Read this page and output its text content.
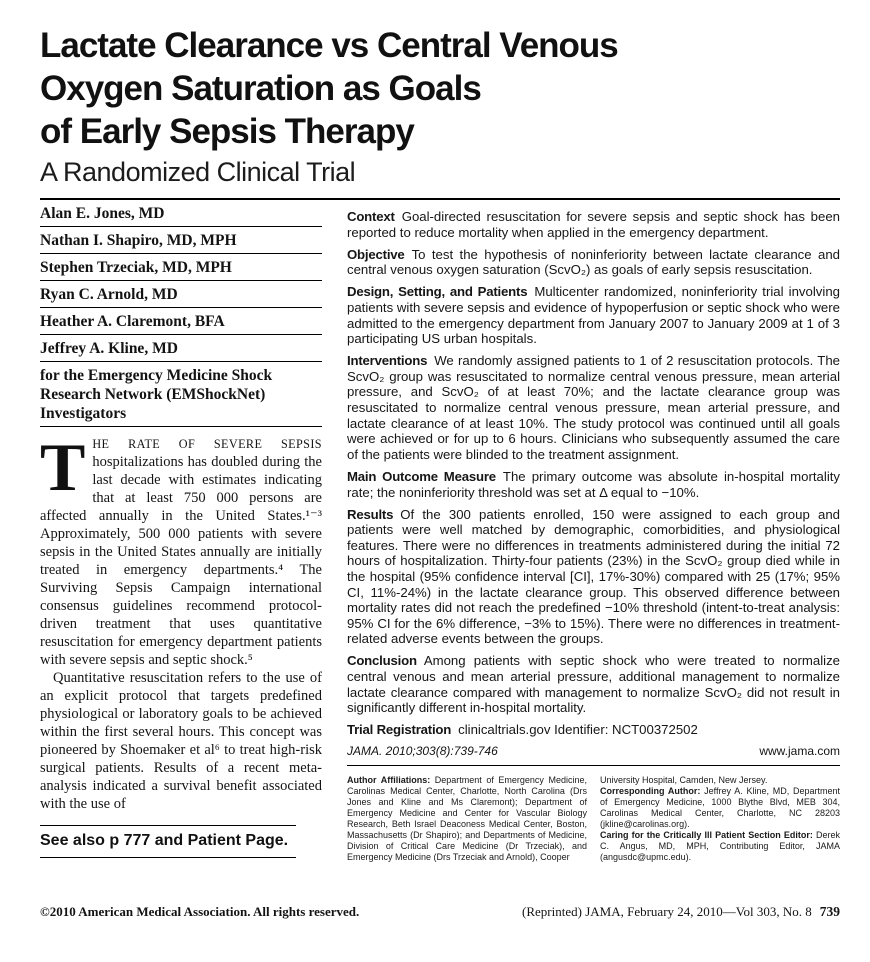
Lactate Clearance vs Central Venous
Oxygen Saturation as Goals
of Early Sepsis Therapy
A Randomized Clinical Trial
Alan E. Jones, MD
Nathan I. Shapiro, MD, MPH
Stephen Trzeciak, MD, MPH
Ryan C. Arnold, MD
Heather A. Claremont, BFA
Jeffrey A. Kline, MD
for the Emergency Medicine Shock Research Network (EMShockNet) Investigators

THE RATE OF SEVERE SEPSIS hospitalizations has doubled during the last decade with estimates indicating that at least 750 000 persons are affected annually in the United States.¹⁻³ Approximately, 500 000 patients with severe sepsis in the United States annually are initially treated in emergency departments.⁴ The Surviving Sepsis Campaign international consensus guidelines recommend protocol-driven treatment that uses quantitative resuscitation for emergency department patients with severe sepsis and septic shock.⁵

Quantitative resuscitation refers to the use of an explicit protocol that targets predefined physiological or laboratory goals to be achieved within the first several hours. This concept was pioneered by Shoemaker et al⁶ to treat high-risk surgical patients. Results of a recent meta-analysis indicated a survival benefit associated with the use of

See also p 777 and Patient Page.

Context Goal-directed resuscitation for severe sepsis and septic shock has been reported to reduce mortality when applied in the emergency department.

Objective To test the hypothesis of noninferiority between lactate clearance and central venous oxygen saturation (ScvO₂) as goals of early sepsis resuscitation.

Design, Setting, and Patients Multicenter randomized, noninferiority trial involving patients with severe sepsis and evidence of hypoperfusion or septic shock who were admitted to the emergency department from January 2007 to January 2009 at 1 of 3 participating US urban hospitals.

Interventions We randomly assigned patients to 1 of 2 resuscitation protocols. The ScvO₂ group was resuscitated to normalize central venous pressure, mean arterial pressure, and ScvO₂ of at least 70%; and the lactate clearance group was resuscitated to normalize central venous pressure, mean arterial pressure, and lactate clearance of at least 10%. The study protocol was continued until all goals were achieved or for up to 6 hours. Clinicians who subsequently assumed the care of the patients were blinded to the treatment assignment.

Main Outcome Measure The primary outcome was absolute in-hospital mortality rate; the noninferiority threshold was set at Δ equal to −10%.

Results Of the 300 patients enrolled, 150 were assigned to each group and patients were well matched by demographic, comorbidities, and physiological features. There were no differences in treatments administered during the initial 72 hours of hospitalization. Thirty-four patients (23%) in the ScvO₂ group died while in the hospital (95% confidence interval [CI], 17%-30%) compared with 25 (17%; 95% CI, 11%-24%) in the lactate clearance group. This observed difference between mortality rates did not reach the predefined −10% threshold (intent-to-treat analysis: 95% CI for the 6% difference, −3% to 15%). There were no differences in treatment-related adverse events between the groups.

Conclusion Among patients with septic shock who were treated to normalize central venous and mean arterial pressure, additional management to normalize lactate clearance compared with management to normalize ScvO₂ did not result in significantly different in-hospital mortality.

Trial Registration clinicaltrials.gov Identifier: NCT00372502

JAMA. 2010;303(8):739-746	www.jama.com

Author Affiliations: Department of Emergency Medicine, Carolinas Medical Center, Charlotte, North Carolina (Drs Jones and Kline and Ms Claremont); Department of Emergency Medicine and Center for Vascular Biology Research, Beth Israel Deaconess Medical Center, Boston, Massachusetts (Dr Shapiro); and Departments of Medicine, Division of Critical Care Medicine (Dr Trzeciak), and Emergency Medicine (Drs Trzeciak and Arnold), Cooper

University Hospital, Camden, New Jersey.

Corresponding Author: Jeffrey A. Kline, MD, Department of Emergency Medicine, 1000 Blythe Blvd, MEB 304, Carolinas Medical Center, Charlotte, NC 28203 (jkline@carolinas.org).

Caring for the Critically Ill Patient Section Editor: Derek C. Angus, MD, MPH, Contributing Editor, JAMA (angusdc@upmc.edu).

©2010 American Medical Association. All rights reserved.	(Reprinted) JAMA, February 24, 2010—Vol 303, No. 8 739
